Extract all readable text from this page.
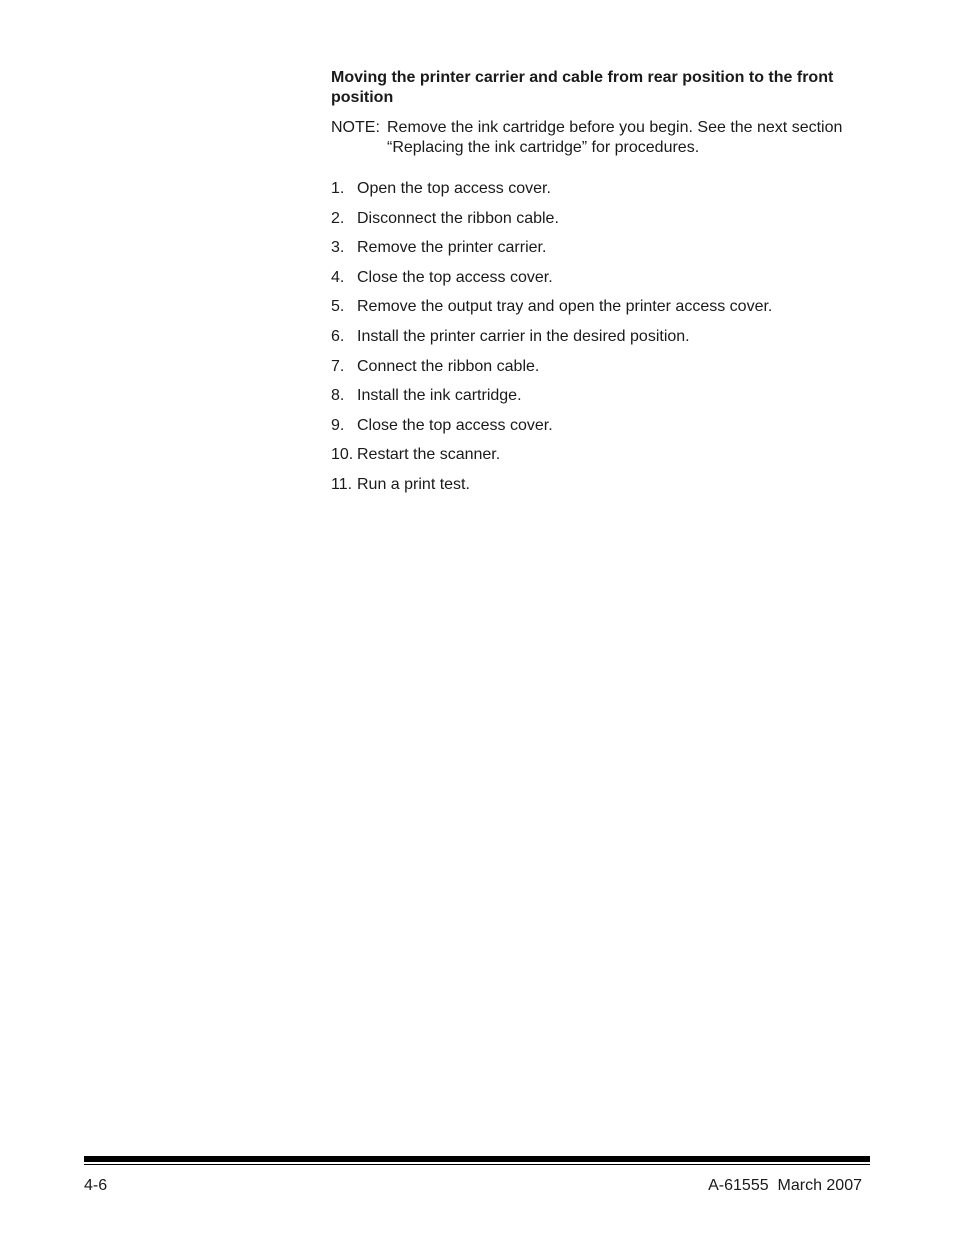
Moving the printer carrier and cable from rear position to the front position
NOTE: Remove the ink cartridge before you begin. See the next section “Replacing the ink cartridge” for procedures.
1. Open the top access cover.
2. Disconnect the ribbon cable.
3. Remove the printer carrier.
4. Close the top access cover.
5. Remove the output tray and open the printer access cover.
6. Install the printer carrier in the desired position.
7. Connect the ribbon cable.
8. Install the ink cartridge.
9. Close the top access cover.
10. Restart the scanner.
11. Run a print test.
4-6	A-61555  March 2007
